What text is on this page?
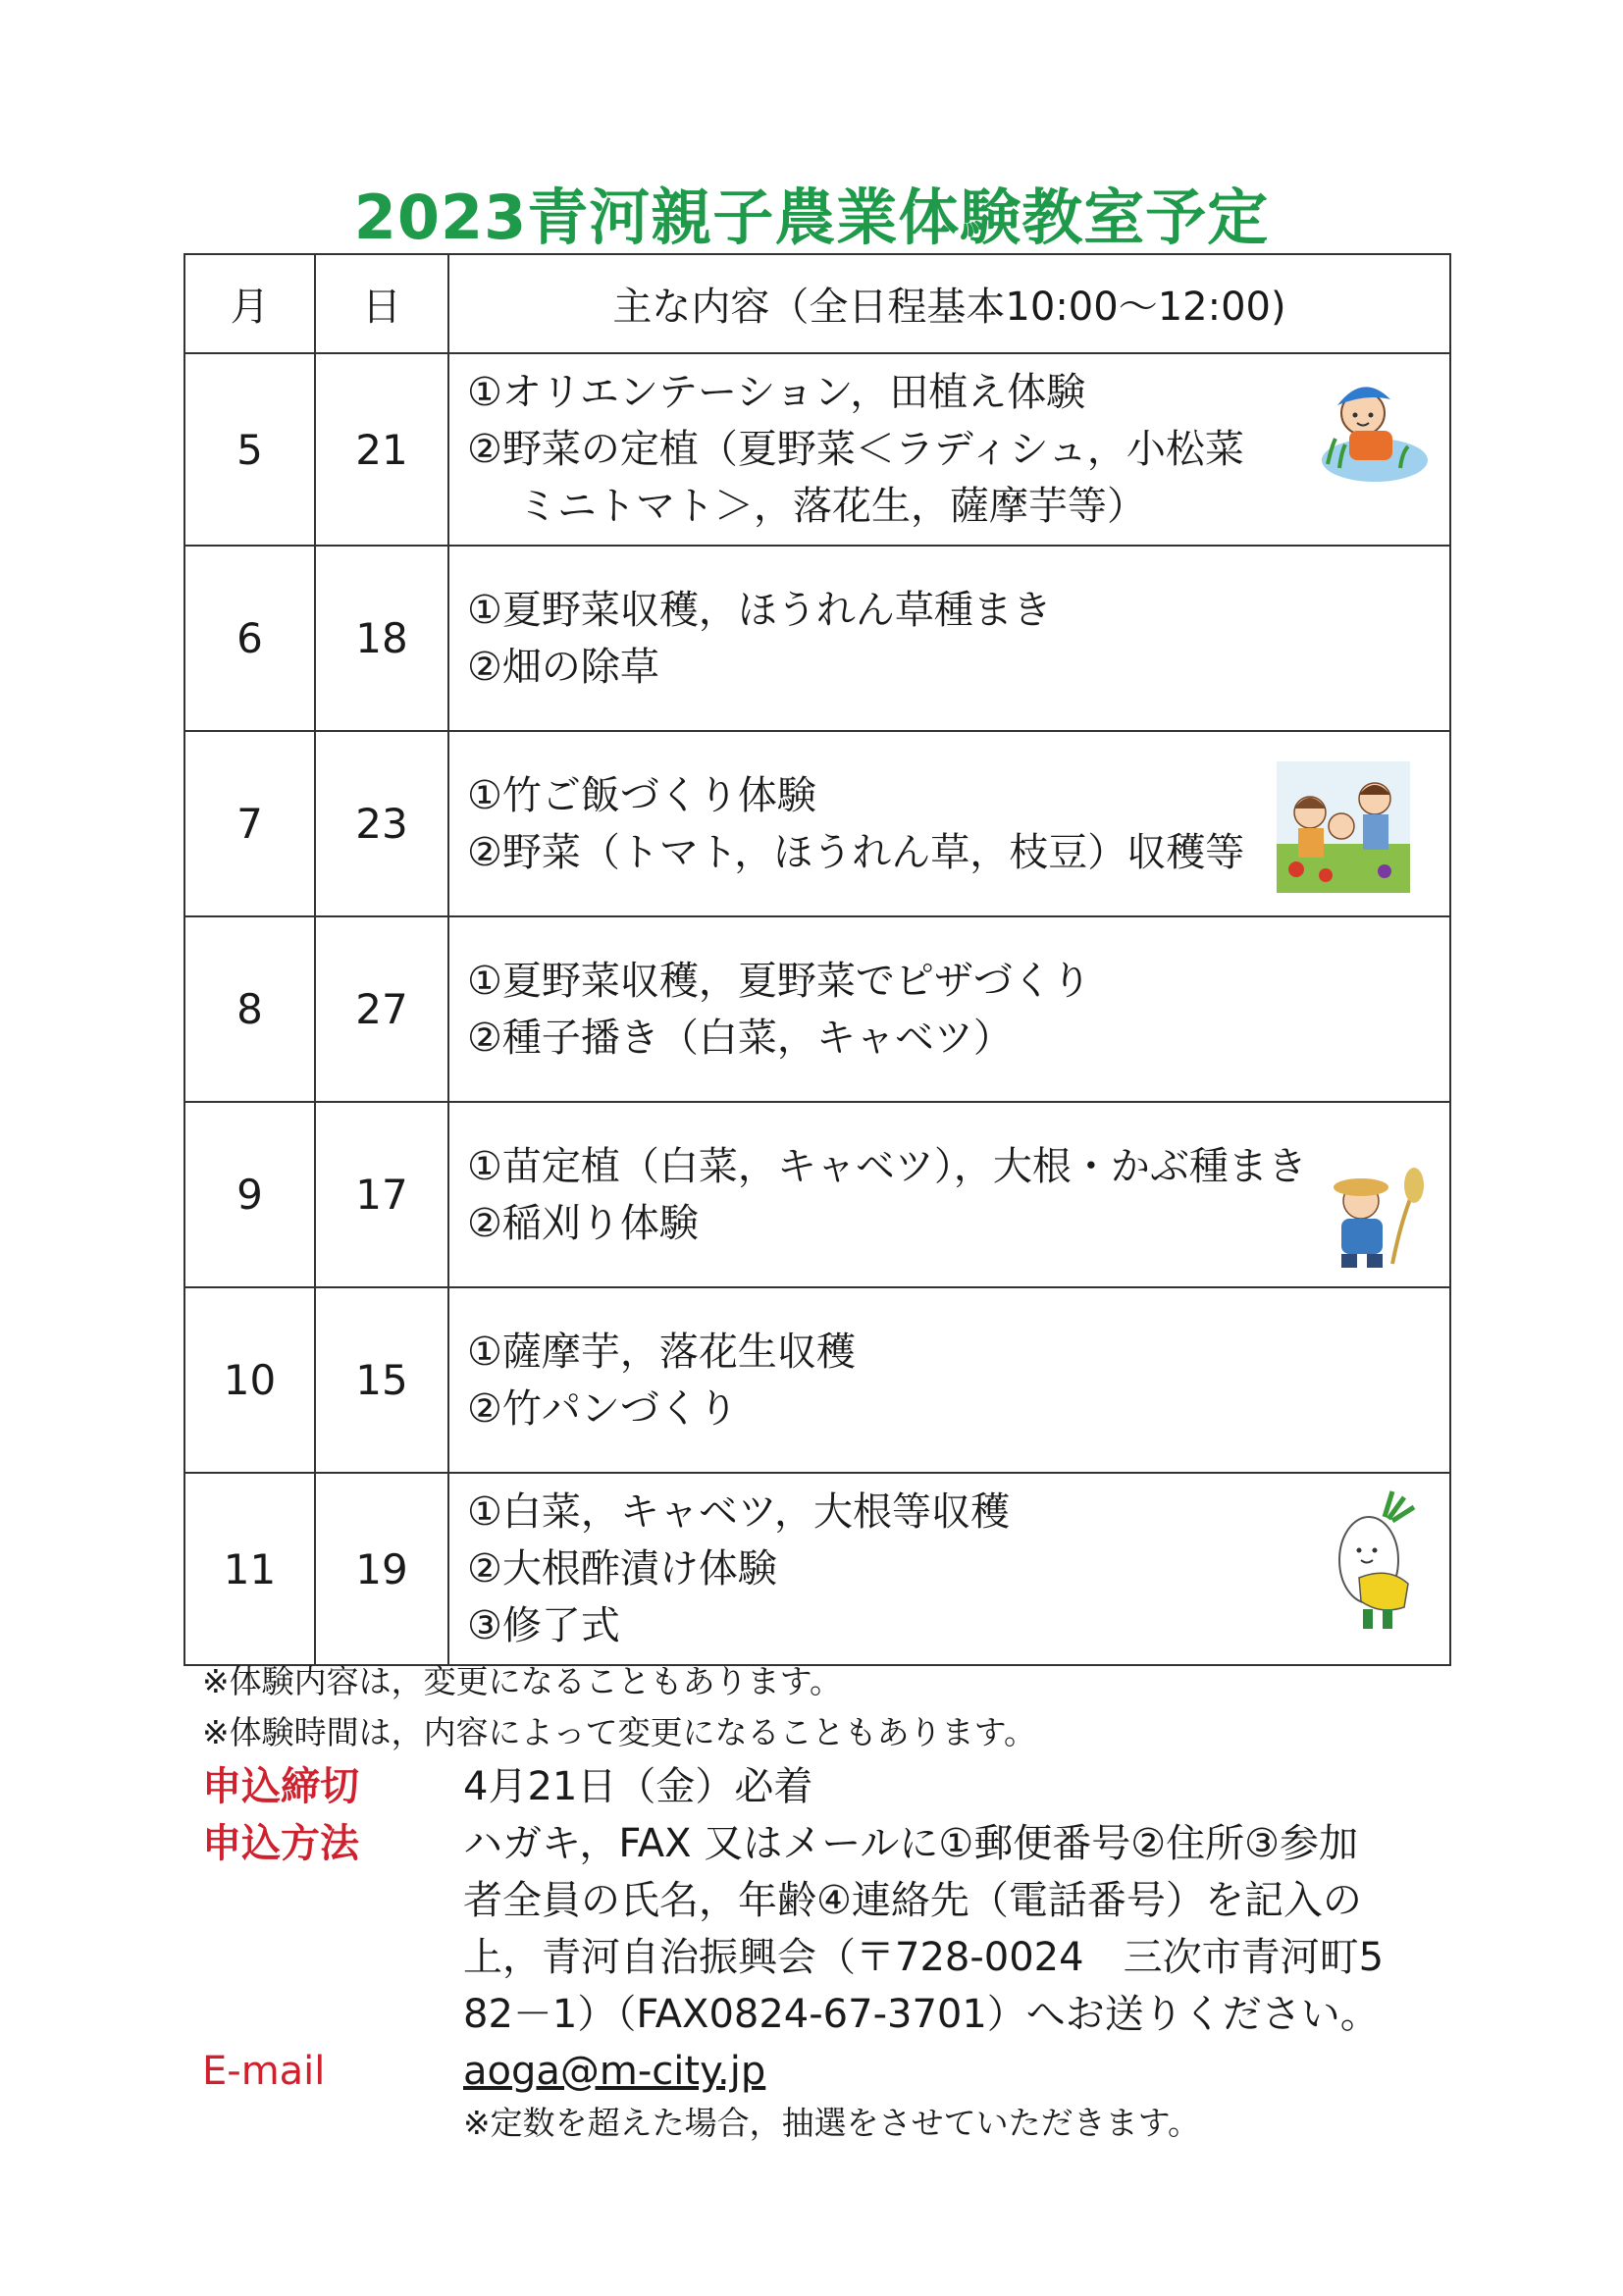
2023青河親子農業体験教室予定
月	日	主な内容（全日程基本10:00～12:00)
5	21	①オリエンテーション，田植え体験
②野菜の定植（夏野菜＜ラディシュ，小松菜
ミニトマト＞，落花生，薩摩芋等）

6	18	①夏野菜収穫，ほうれん草種まき
②畑の除草

7	23	①竹ご飯づくり体験
②野菜（トマト，ほうれん草，枝豆）収穫等

8	27	①夏野菜収穫，夏野菜でピザづくり
②種子播き（白菜，キャベツ）

9	17	①苗定植（白菜，キャベツ），大根・かぶ種まき
②稲刈り体験

10	15	①薩摩芋，落花生収穫
②竹パンづくり

11	19	①白菜，キャベツ，大根等収穫
②大根酢漬け体験
③修了式
※体験内容は，変更になることもあります。
※体験時間は，内容によって変更になることもあります。
申込締切	4月21日（金）必着
申込方法	ハガキ，FAX 又はメールに①郵便番号②住所③参加
者全員の氏名，年齢④連絡先（電話番号）を記入の
上，青河自治振興会（〒728-0024　三次市青河町5
82－1）（FAX0824-67-3701）へお送りください。
E-mail	aoga@m-city.jp
※定数を超えた場合，抽選をさせていただきます。
